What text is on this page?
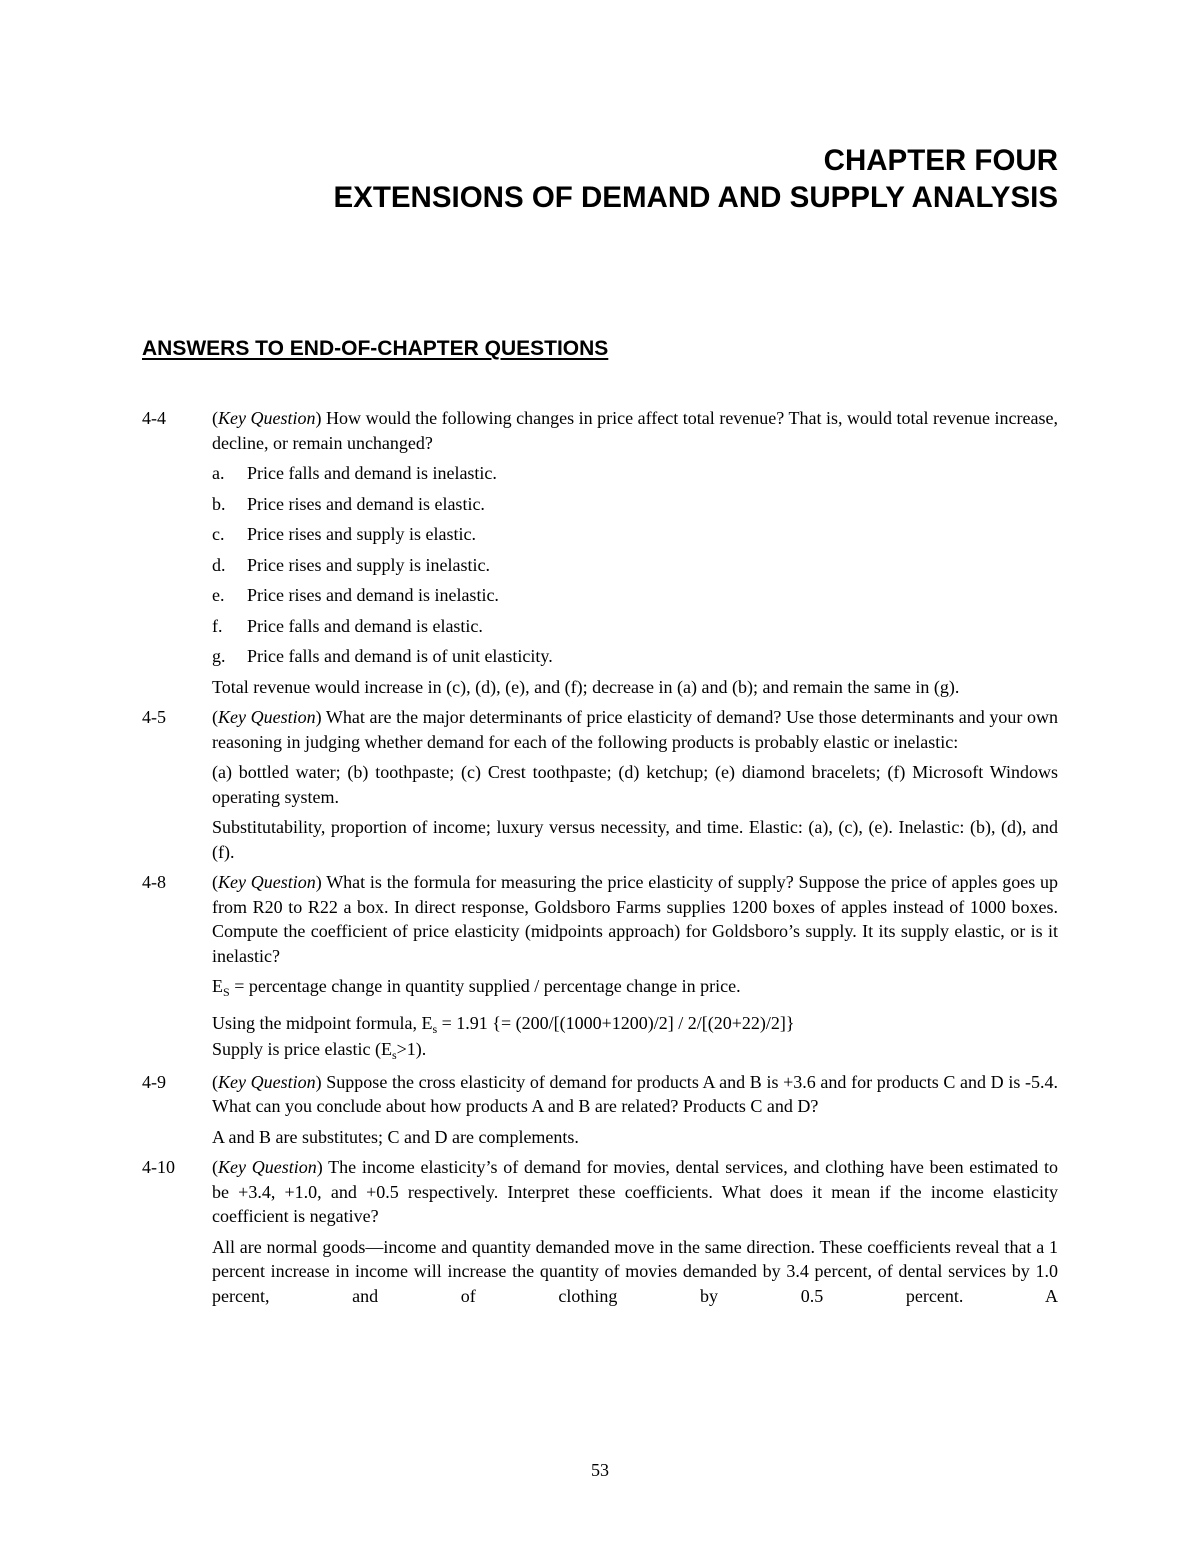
CHAPTER FOUR
EXTENSIONS OF DEMAND AND SUPPLY ANALYSIS
ANSWERS TO END-OF-CHAPTER QUESTIONS
4-4	(Key Question) How would the following changes in price affect total revenue? That is, would total revenue increase, decline, or remain unchanged?
a.	Price falls and demand is inelastic.
b.	Price rises and demand is elastic.
c.	Price rises and supply is elastic.
d.	Price rises and supply is inelastic.
e.	Price rises and demand is inelastic.
f.	Price falls and demand is elastic.
g.	Price falls and demand is of unit elasticity.
Total revenue would increase in (c), (d), (e), and (f); decrease in (a) and (b); and remain the same in (g).
4-5	(Key Question) What are the major determinants of price elasticity of demand? Use those determinants and your own reasoning in judging whether demand for each of the following products is probably elastic or inelastic:
(a) bottled water; (b) toothpaste; (c) Crest toothpaste; (d) ketchup; (e) diamond bracelets; (f) Microsoft Windows operating system.
Substitutability, proportion of income; luxury versus necessity, and time. Elastic: (a), (c), (e). Inelastic: (b), (d), and (f).
4-8	(Key Question) What is the formula for measuring the price elasticity of supply? Suppose the price of apples goes up from R20 to R22 a box. In direct response, Goldsboro Farms supplies 1200 boxes of apples instead of 1000 boxes. Compute the coefficient of price elasticity (midpoints approach) for Goldsboro’s supply. It its supply elastic, or is it inelastic?
$E_S$ = percentage change in quantity supplied / percentage change in price.
Using the midpoint formula, $E_s = 1.91$ {= (200/[(1000+1200)/2] / 2/[(20+22)/2]}
Supply is price elastic $(E_s>1)$.
4-9	(Key Question) Suppose the cross elasticity of demand for products A and B is +3.6 and for products C and D is -5.4. What can you conclude about how products A and B are related? Products C and D?
A and B are substitutes; C and D are complements.
4-10	(Key Question) The income elasticity’s of demand for movies, dental services, and clothing have been estimated to be +3.4, +1.0, and +0.5 respectively. Interpret these coefficients. What does it mean if the income elasticity coefficient is negative?
All are normal goods—income and quantity demanded move in the same direction. These coefficients reveal that a 1 percent increase in income will increase the quantity of movies demanded by 3.4 percent, of dental services by 1.0 percent, and of clothing by 0.5 percent. A
53
